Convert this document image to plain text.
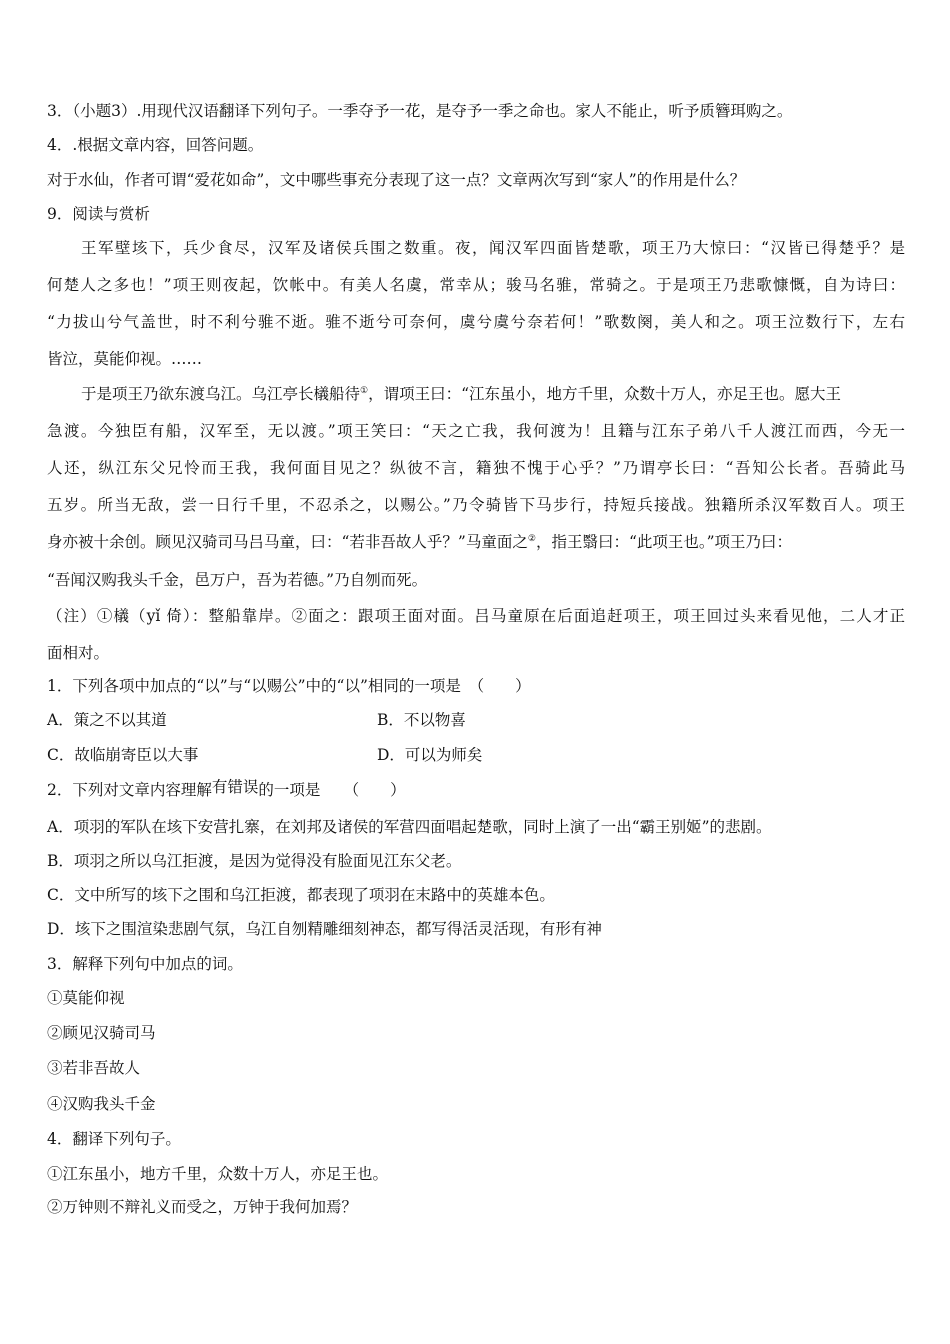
3．（小题3）.用现代汉语翻译下列句子。一季夺予一花，是夺予一季之命也。家人不能止，听予质簪珥购之。
4．.根据文章内容，回答问题。
对于水仙，作者可谓“爱花如命”，文中哪些事充分表现了这一点？文章两次写到“家人”的作用是什么？
9．阅读与赏析
王军壁垓下，兵少食尽，汉军及诸侯兵围之数重。夜，闻汉军四面皆楚歌，项王乃大惊曰：“汉皆已得楚乎？是
何楚人之多也！”项王则夜起，饮帐中。有美人名虞，常幸从；骏马名骓，常骑之。于是项王乃悲歌慷慨，自为诗曰：
“力拔山兮气盖世，时不利兮骓不逝。骓不逝兮可奈何，虞兮虞兮奈若何！”歌数阕，美人和之。项王泣数行下，左右
皆泣，莫能仰视。……
于是项王乃欲东渡乌江。乌江亭长檥船待①，谓项王曰：“江东虽小，地方千里，众数十万人，亦足王也。愿大王
急渡。今独臣有船，汉军至，无以渡。”项王笑曰：“天之亡我，我何渡为！且籍与江东子弟八千人渡江而西，今无一
人还，纵江东父兄怜而王我，我何面目见之？纵彼不言，籍独不愧于心乎？”乃谓亭长曰：“吾知公长者。吾骑此马
五岁。所当无敌，尝一日行千里，不忍杀之，以赐公。”乃令骑皆下马步行，持短兵接战。独籍所杀汉军数百人。项王
身亦被十余创。顾见汉骑司马吕马童，曰：“若非吾故人乎？”马童面之②，指王翳曰：“此项王也。”项王乃曰：
“吾闻汉购我头千金，邑万户，吾为若德。”乃自刎而死。
（注）①檥（yǐ 倚）：整船靠岸。②面之：跟项王面对面。吕马童原在后面追赶项王，项王回过头来看见他，二人才正
面相对。
1．下列各项中加点的“以”与“以赐公”中的“以”相同的一项是　（　　）
A．策之不以其道	B．不以物喜
C．故临崩寄臣以大事	D．可以为师矣
2．下列对文章内容理解有错误的一项是　　（　　）
A．项羽的军队在垓下安营扎寨，在刘邦及诸侯的军营四面唱起楚歌，同时上演了一出“霸王别姬”的悲剧。
B．项羽之所以乌江拒渡，是因为觉得没有脸面见江东父老。
C．文中所写的垓下之围和乌江拒渡，都表现了项羽在末路中的英雄本色。
D．垓下之围渲染悲剧气氛，乌江自刎精雕细刻神态，都写得活灵活现，有形有神
3．解释下列句中加点的词。
①莫能仰视
②顾见汉骑司马
③若非吾故人
④汉购我头千金
4．翻译下列句子。
①江东虽小，地方千里，众数十万人，亦足王也。
②万钟则不辩礼义而受之，万钟于我何加焉？
